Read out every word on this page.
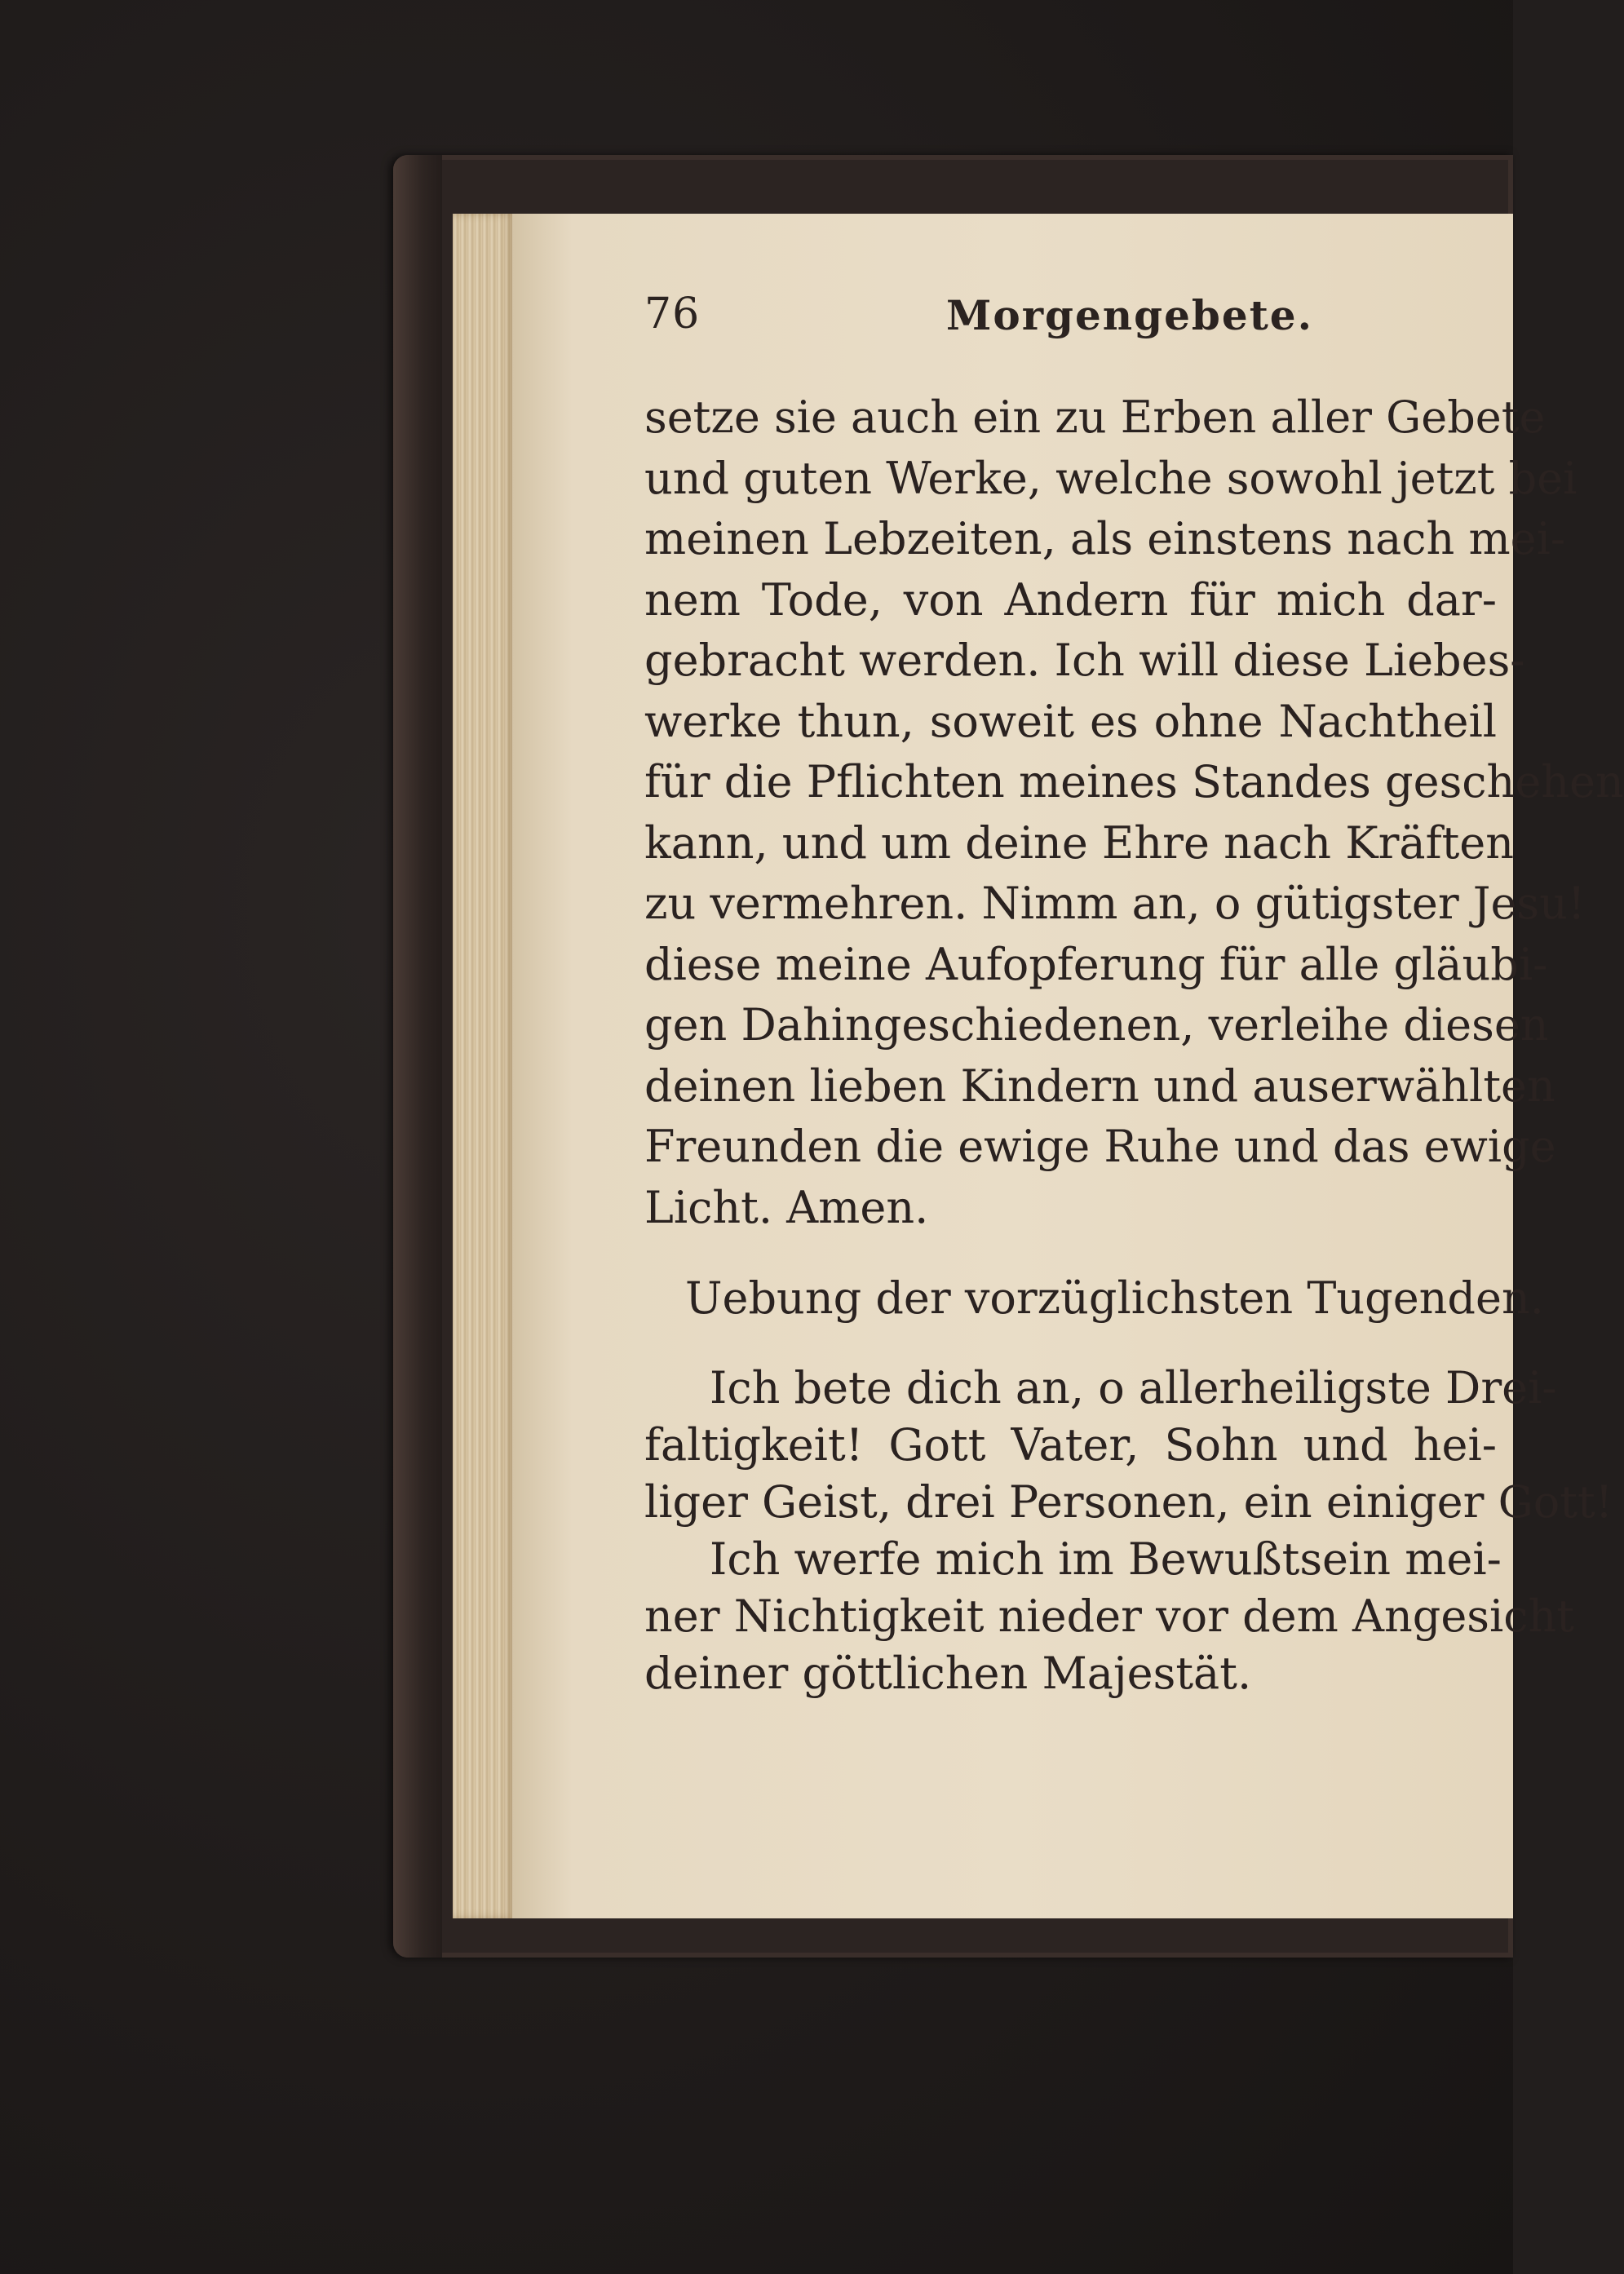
76	Morgengebete.
setze sie auch ein zu Erben aller Gebete
und guten Werke, welche sowohl jetzt bei
meinen Lebzeiten, als einstens nach mei-
nem Tode, von Andern für mich dar-
gebracht werden. Ich will diese Liebes-
werke thun, soweit es ohne Nachtheil
für die Pflichten meines Standes geschehen
kann, und um deine Ehre nach Kräften
zu vermehren. Nimm an, o gütigster Jesu!
diese meine Aufopferung für alle gläubi-
gen Dahingeschiedenen, verleihe diesen
deinen lieben Kindern und auserwählten
Freunden die ewige Ruhe und das ewige
Licht. Amen.
Uebung der vorzüglichsten Tugenden.
Ich bete dich an, o allerheiligste Drei-
faltigkeit! Gott Vater, Sohn und hei-
liger Geist, drei Personen, ein einiger Gott!
Ich werfe mich im Bewußtsein mei-
ner Nichtigkeit nieder vor dem Angesicht
deiner göttlichen Majestät.
